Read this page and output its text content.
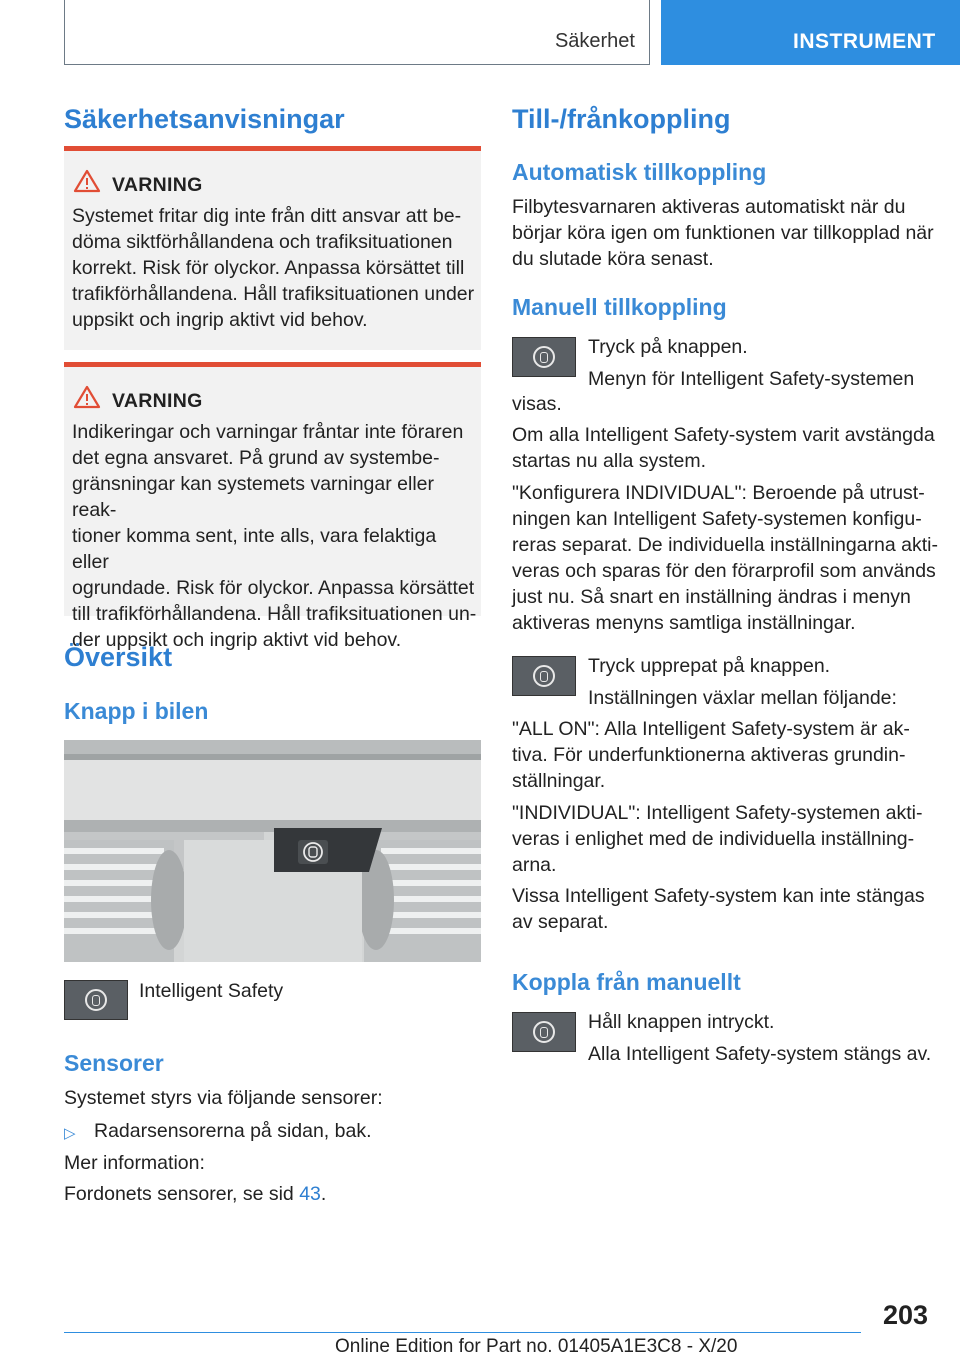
Säkerhet	INSTRUMENT
Säkerhetsanvisningar
VARNING
Systemet fritar dig inte från ditt ansvar att be-
döma siktförhållandena och trafiksituationen
korrekt. Risk för olyckor. Anpassa körsättet till
trafikförhållandena. Håll trafiksituationen under
uppsikt och ingrip aktivt vid behov.
VARNING
Indikeringar och varningar fråntar inte föraren
det egna ansvaret. På grund av systembe-
gränsningar kan systemets varningar eller reak-
tioner komma sent, inte alls, vara felaktiga eller
ogrundade. Risk för olyckor. Anpassa körsättet
till trafikförhållandena. Håll trafiksituationen un-
der uppsikt och ingrip aktivt vid behov.
Översikt
Knapp i bilen
Intelligent Safety
Sensorer
Systemet styrs via följande sensorer:
▷ Radarsensorerna på sidan, bak.
Mer information:
Fordonets sensorer, se sid 43.
Till-/frånkoppling
Automatisk tillkoppling
Filbytesvarnaren aktiveras automatiskt när du
börjar köra igen om funktionen var tillkopplad när
du slutade köra senast.
Manuell tillkoppling
Tryck på knappen.
Menyn för Intelligent Safety-systemen
visas.
Om alla Intelligent Safety-system varit avstängda
startas nu alla system.
"Konfigurera INDIVIDUAL": Beroende på utrust-
ningen kan Intelligent Safety-systemen konfigu-
reras separat. De individuella inställningarna akti-
veras och sparas för den förarprofil som används
just nu. Så snart en inställning ändras i menyn
aktiveras menyns samtliga inställningar.
Tryck upprepat på knappen.
Inställningen växlar mellan följande:
"ALL ON": Alla Intelligent Safety-system är ak-
tiva. För underfunktionerna aktiveras grundin-
ställningar.
"INDIVIDUAL": Intelligent Safety-systemen akti-
veras i enlighet med de individuella inställning-
arna.
Vissa Intelligent Safety-system kan inte stängas
av separat.
Koppla från manuellt
Håll knappen intryckt.
Alla Intelligent Safety-system stängs av.
203
Online Edition for Part no. 01405A1E3C8 - X/20
